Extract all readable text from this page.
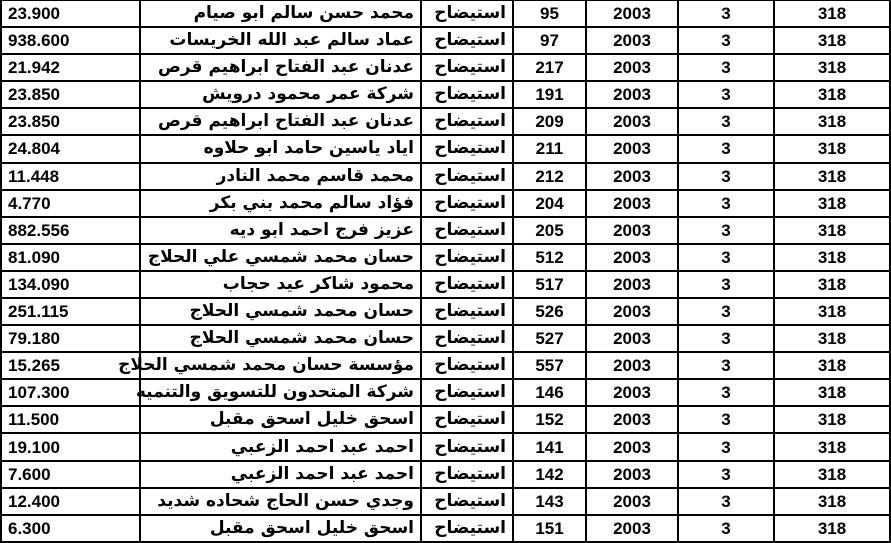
23.900	محمد حسن سالم ابو صيام	استيضاح	95	2003	3	318
938.600	عماد سالم عبد الله الخريسات	استيضاح	97	2003	3	318
21.942	عدنان عبد الفتاح ابراهيم قرص	استيضاح	217	2003	3	318
23.850	شركة عمر محمود درويش	استيضاح	191	2003	3	318
23.850	عدنان عبد الفتاح ابراهيم قرص	استيضاح	209	2003	3	318
24.804	اياد ياسين حامد ابو حلاوه	استيضاح	211	2003	3	318
11.448	محمد قاسم محمد النادر	استيضاح	212	2003	3	318
4.770	فؤاد سالم محمد بني بكر	استيضاح	204	2003	3	318
882.556	عزيز فرج احمد ابو ديه	استيضاح	205	2003	3	318
81.090	حسان محمد شمسي علي الحلاج	استيضاح	512	2003	3	318
134.090	محمود شاكر عيد حجاب	استيضاح	517	2003	3	318
251.115	حسان محمد شمسي الحلاج	استيضاح	526	2003	3	318
79.180	حسان محمد شمسي الحلاج	استيضاح	527	2003	3	318
15.265	مؤسسة حسان محمد شمسي الحلاج	استيضاح	557	2003	3	318
107.300	شركة المتحدون للتسويق والتنميه	استيضاح	146	2003	3	318
11.500	اسحق خليل اسحق مقبل	استيضاح	152	2003	3	318
19.100	احمد عبد احمد الزعبي	استيضاح	141	2003	3	318
7.600	احمد عبد احمد الزعبي	استيضاح	142	2003	3	318
12.400	وجدي حسن الحاج شحاده شديد	استيضاح	143	2003	3	318
6.300	اسحق خليل اسحق مقبل	استيضاح	151	2003	3	318
